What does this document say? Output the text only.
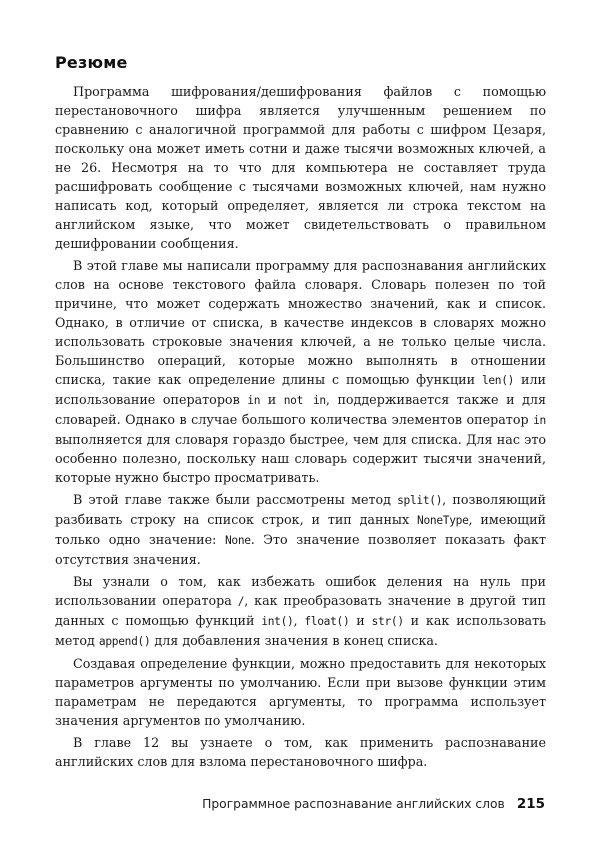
Резюме

Программа шифрования/дешифрования файлов с помощью перестановочного шифра является улучшенным решением по сравнению с аналогичной программой для работы с шифром Цезаря, поскольку она может иметь сотни и даже тысячи возможных ключей, а не 26. Несмотря на то что для компьютера не составляет труда расшифровать сообщение с тысячами возможных ключей, нам нужно написать код, который определяет, является ли строка текстом на английском языке, что может свидетельствовать о правильном дешифровании сообщения.

В этой главе мы написали программу для распознавания английских слов на основе текстового файла словаря. Словарь полезен по той причине, что может содержать множество значений, как и список. Однако, в отличие от списка, в качестве индексов в словарях можно использовать строковые значения ключей, а не только целые числа. Большинство операций, которые можно выполнять в отношении списка, такие как определение длины с помощью функции len() или использование операторов in и not in, поддерживается также и для словарей. Однако в случае большого количества элементов оператор in выполняется для словаря гораздо быстрее, чем для списка. Для нас это особенно полезно, поскольку наш словарь содержит тысячи значений, которые нужно быстро просматривать.

В этой главе также были рассмотрены метод split(), позволяющий разбивать строку на список строк, и тип данных NoneType, имеющий только одно значение: None. Это значение позволяет показать факт отсутствия значения.

Вы узнали о том, как избежать ошибок деления на нуль при использовании оператора /, как преобразовать значение в другой тип данных с помощью функций int(), float() и str() и как использовать метод append() для добавления значения в конец списка.

Создавая определение функции, можно предоставить для некоторых параметров аргументы по умолчанию. Если при вызове функции этим параметрам не передаются аргументы, то программа использует значения аргументов по умолчанию.

В главе 12 вы узнаете о том, как применить распознавание английских слов для взлома перестановочного шифра.

Программное распознавание английских слов 215
